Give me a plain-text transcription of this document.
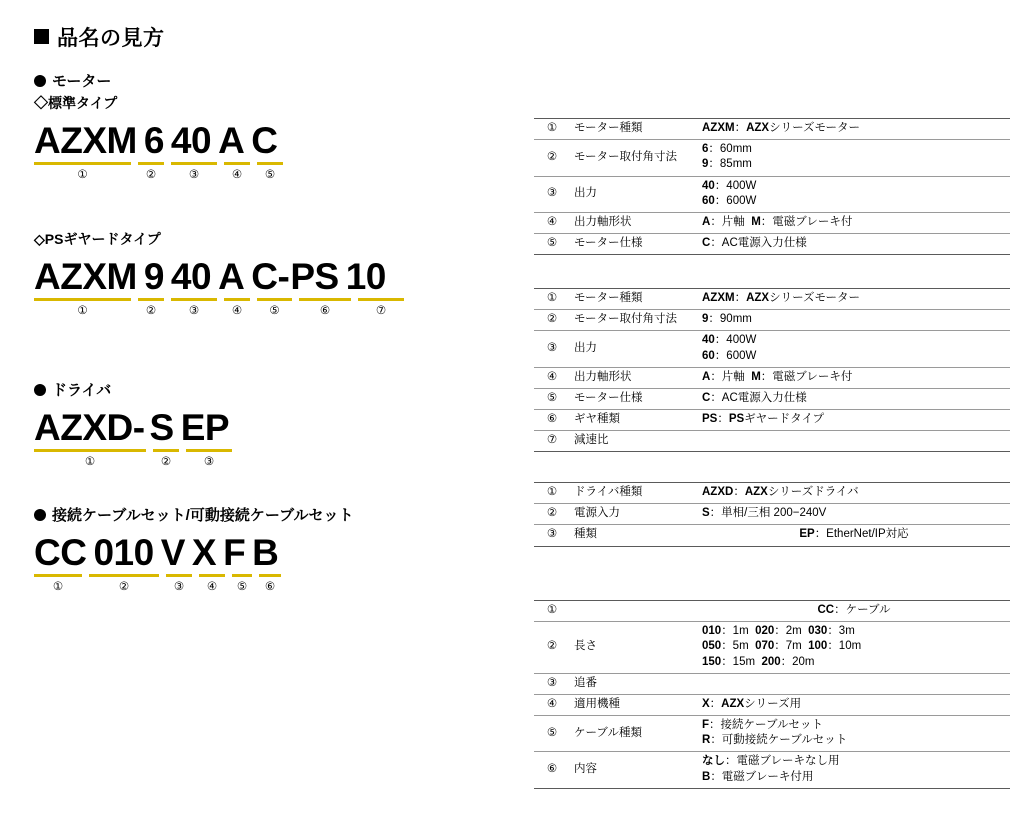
品名の見方
モーター
◇標準タイプ
AZXM 6 40 A C
①	②	③	④ ⑤
◇PSギヤードタイプ
AZXM 9 40 A C- PS 10
①	②	③	④ ⑤	⑥	⑦
ドライバ
AZXD- S EP
①	②	③
接続ケーブルセット/可動接続ケーブルセット
CC 010 V X F B
①	②	③ ④ ⑤ ⑥
①	モーター種類	AZXM：AZXシリーズモーター
②	モーター取付角寸法	6：60mm
9：85mm

③	出力	40：400W
60：600W

④	出力軸形状	A：片軸  M：電磁ブレーキ付
⑤	モーター仕様	C：AC電源入力仕様
①	モーター種類	AZXM：AZXシリーズモーター
②	モーター取付角寸法	9：90mm
③	出力	40：400W
60：600W

④	出力軸形状	A：片軸  M：電磁ブレーキ付
⑤	モーター仕様	C：AC電源入力仕様
⑥	ギヤ種類	PS：PSギヤードタイプ
⑦	減速比	
①	ドライバ種類	AZXD：AZXシリーズドライバ
②	電源入力	S：単相/三相 200−240V
③	種類	EP：EtherNet/IP対応
①		CC：ケーブル
②	長さ	010：1m  020：2m  030：3m
050：5m  070：7m  100：10m
150：15m  200：20m

③	追番	
④	適用機種	X：AZXシリーズ用
⑤	ケーブル種類	F：接続ケーブルセット
R：可動接続ケーブルセット

⑥	内容	なし：電磁ブレーキなし用
B：電磁ブレーキ付用
